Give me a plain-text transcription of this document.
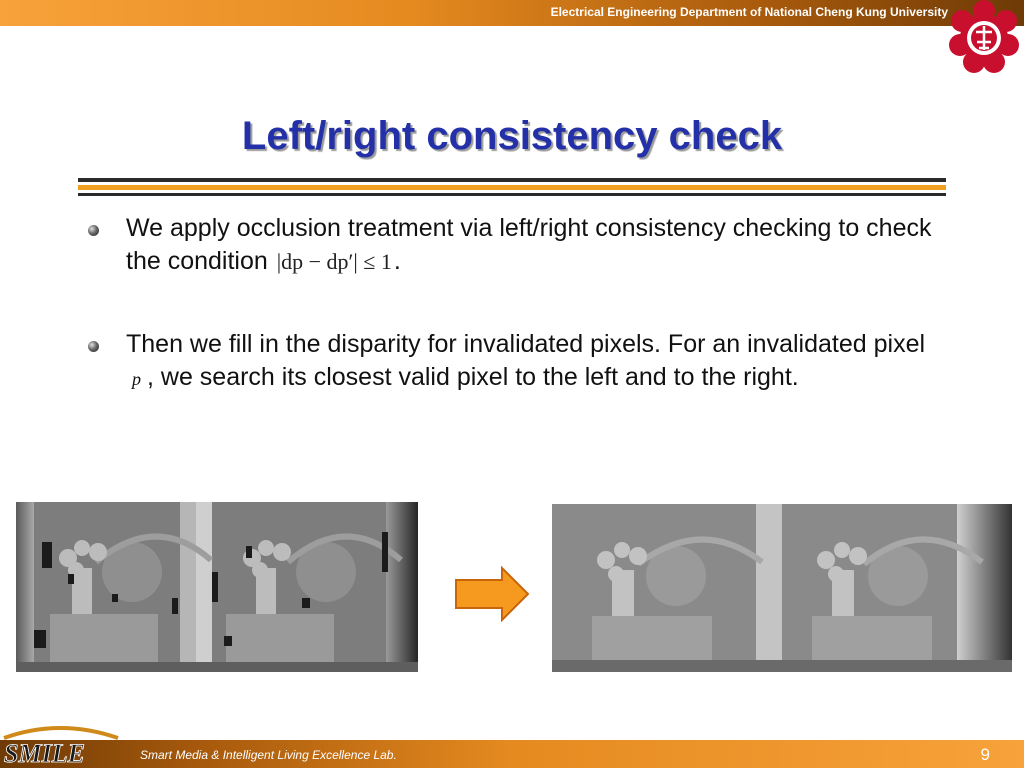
Electrical Engineering Department of National Cheng Kung University
Left/right consistency check
We apply occlusion treatment via left/right consistency checking to check the condition |dp − dp′| ≤ 1.
Then we fill in the disparity for invalidated pixels. For an invalidated pixel p , we search its closest valid pixel to the left and to the right.
SMILE	Smart Media & Intelligent Living Excellence Lab.	9
